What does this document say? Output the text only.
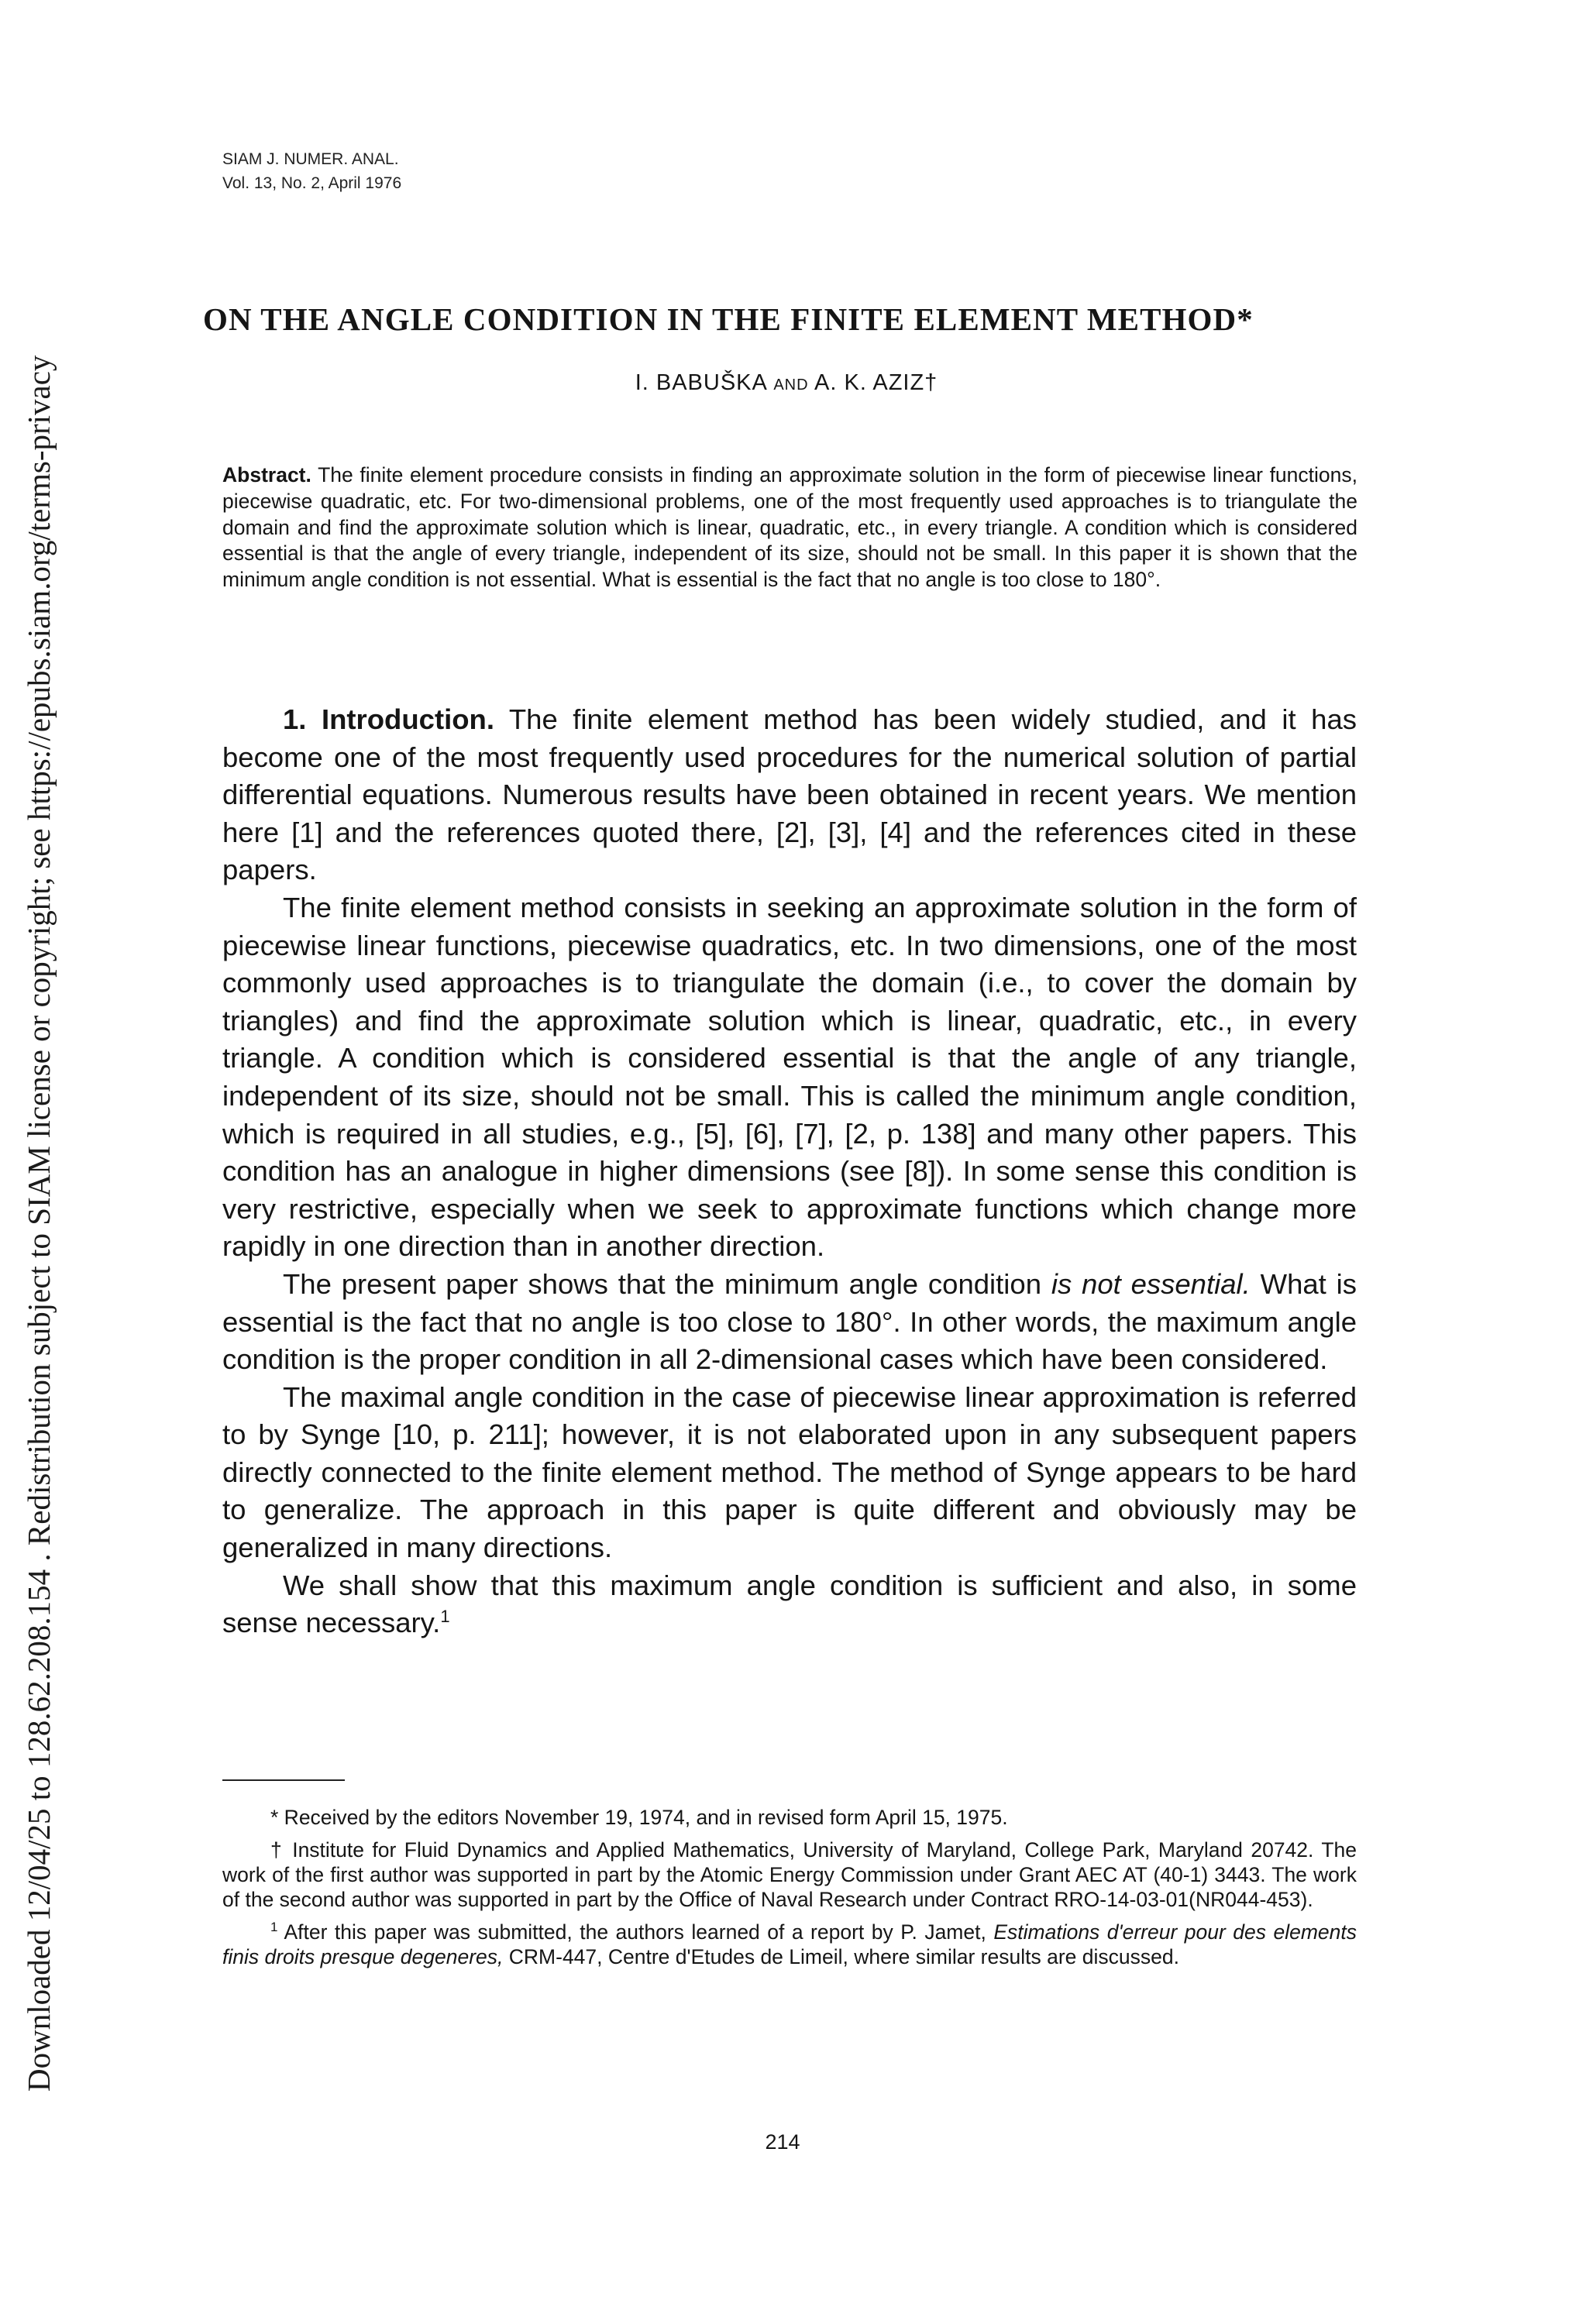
Downloaded 12/04/25 to 128.62.208.154 . Redistribution subject to SIAM license or copyright; see https://epubs.siam.org/terms-privacy
SIAM J. NUMER. ANAL.
Vol. 13, No. 2, April 1976
ON THE ANGLE CONDITION IN THE FINITE ELEMENT METHOD*
I. BABUŠKA AND A. K. AZIZ†
Abstract. The finite element procedure consists in finding an approximate solution in the form of piecewise linear functions, piecewise quadratic, etc. For two-dimensional problems, one of the most frequently used approaches is to triangulate the domain and find the approximate solution which is linear, quadratic, etc., in every triangle. A condition which is considered essential is that the angle of every triangle, independent of its size, should not be small. In this paper it is shown that the minimum angle condition is not essential. What is essential is the fact that no angle is too close to 180°.

1. Introduction. The finite element method has been widely studied, and it has become one of the most frequently used procedures for the numerical solution of partial differential equations. Numerous results have been obtained in recent years. We mention here [1] and the references quoted there, [2], [3], [4] and the references cited in these papers.

The finite element method consists in seeking an approximate solution in the form of piecewise linear functions, piecewise quadratics, etc. In two dimensions, one of the most commonly used approaches is to triangulate the domain (i.e., to cover the domain by triangles) and find the approximate solution which is linear, quadratic, etc., in every triangle. A condition which is considered essential is that the angle of any triangle, independent of its size, should not be small. This is called the minimum angle condition, which is required in all studies, e.g., [5], [6], [7], [2, p. 138] and many other papers. This condition has an analogue in higher dimensions (see [8]). In some sense this condition is very restrictive, especially when we seek to approximate functions which change more rapidly in one direction than in another direction.

The present paper shows that the minimum angle condition is not essential. What is essential is the fact that no angle is too close to 180°. In other words, the maximum angle condition is the proper condition in all 2-dimensional cases which have been considered.

The maximal angle condition in the case of piecewise linear approximation is referred to by Synge [10, p. 211]; however, it is not elaborated upon in any subsequent papers directly connected to the finite element method. The method of Synge appears to be hard to generalize. The approach in this paper is quite different and obviously may be generalized in many directions.

We shall show that this maximum angle condition is sufficient and also, in some sense necessary.$^1$

* Received by the editors November 19, 1974, and in revised form April 15, 1975.

† Institute for Fluid Dynamics and Applied Mathematics, University of Maryland, College Park, Maryland 20742. The work of the first author was supported in part by the Atomic Energy Commission under Grant AEC AT (40-1) 3443. The work of the second author was supported in part by the Office of Naval Research under Contract RRO-14-03-01(NR044-453).

$^1$ After this paper was submitted, the authors learned of a report by P. Jamet, Estimations d'erreur pour des elements finis droits presque degeneres, CRM-447, Centre d'Etudes de Limeil, where similar results are discussed.

214
